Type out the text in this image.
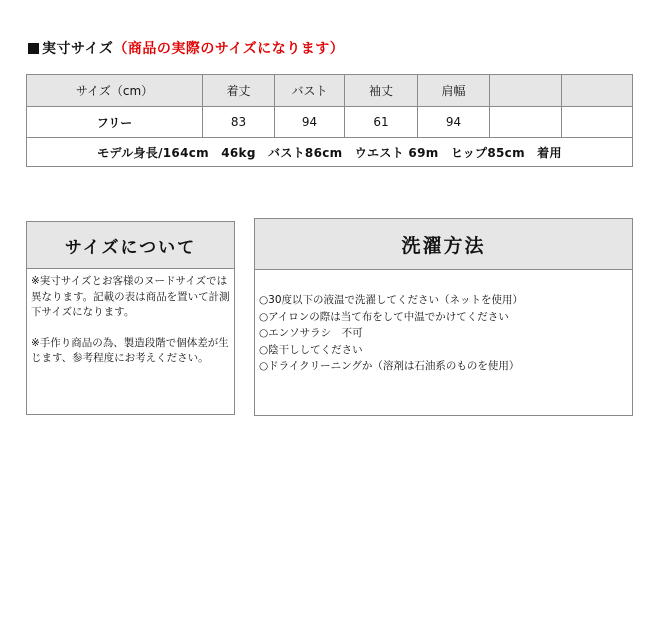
実寸サイズ（商品の実際のサイズになります）
サイズ（cm）	着丈	バスト	袖丈	肩幅		
フリー	83	94	61	94		
モデル身長/164cm　46kg　バスト86cm　ウエスト 69m　ヒップ85cm　着用						
サイズについて

※実寸サイズとお客様のヌードサイズでは異なります。記載の表は商品を置いて計測下サイズになります。

※手作り商品の為、製造段階で個体差が生じます、参考程度にお考えください。

洗濯方法
○30度以下の液温で洗濯してください（ネットを使用）
○アイロンの際は当て布をして中温でかけてください
○エンソサラシ　不可
○陰干ししてください
○ドライクリーニングか（溶剤は石油系のものを使用）
